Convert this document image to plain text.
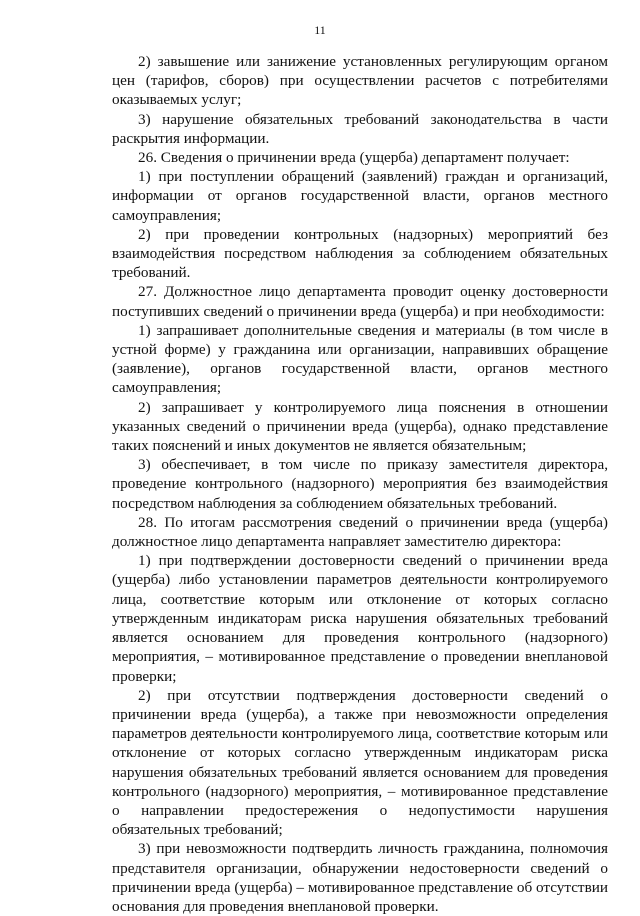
11

2) завышение или занижение установленных регулирующим органом цен (тарифов, сборов) при осуществлении расчетов с потребителями оказываемых услуг;

3) нарушение обязательных требований законодательства в части раскрытия информации.

26. Сведения о причинении вреда (ущерба) департамент получает:

1) при поступлении обращений (заявлений) граждан и организаций, информации от органов государственной власти, органов местного самоуправления;

2) при проведении контрольных (надзорных) мероприятий без взаимодействия посредством наблюдения за соблюдением обязательных требований.

27. Должностное лицо департамента проводит оценку достоверности поступивших сведений о причинении вреда (ущерба) и при необходимости:

1) запрашивает дополнительные сведения и материалы (в том числе в устной форме) у гражданина или организации, направивших обращение (заявление), органов государственной власти, органов местного самоуправления;

2) запрашивает у контролируемого лица пояснения в отношении указанных сведений о причинении вреда (ущерба), однако представление таких пояснений и иных документов не является обязательным;

3) обеспечивает, в том числе по приказу заместителя директора, проведение контрольного (надзорного) мероприятия без взаимодействия посредством наблюдения за соблюдением обязательных требований.

28. По итогам рассмотрения сведений о причинении вреда (ущерба) должностное лицо департамента направляет заместителю директора:

1) при подтверждении достоверности сведений о причинении вреда (ущерба) либо установлении параметров деятельности контролируемого лица, соответствие которым или отклонение от которых согласно утвержденным индикаторам риска нарушения обязательных требований является основанием для проведения контрольного (надзорного) мероприятия, – мотивированное представление о проведении внеплановой проверки;

2) при отсутствии подтверждения достоверности сведений о причинении вреда (ущерба), а также при невозможности определения параметров деятельности контролируемого лица, соответствие которым или отклонение от которых согласно утвержденным индикаторам риска нарушения обязательных требований является основанием для проведения контрольного (надзорного) мероприятия, – мотивированное представление о направлении предостережения о недопустимости нарушения обязательных требований;

3) при невозможности подтвердить личность гражданина, полномочия представителя организации, обнаружении недостоверности сведений о причинении вреда (ущерба) – мотивированное представление об отсутствии основания для проведения внеплановой проверки.
